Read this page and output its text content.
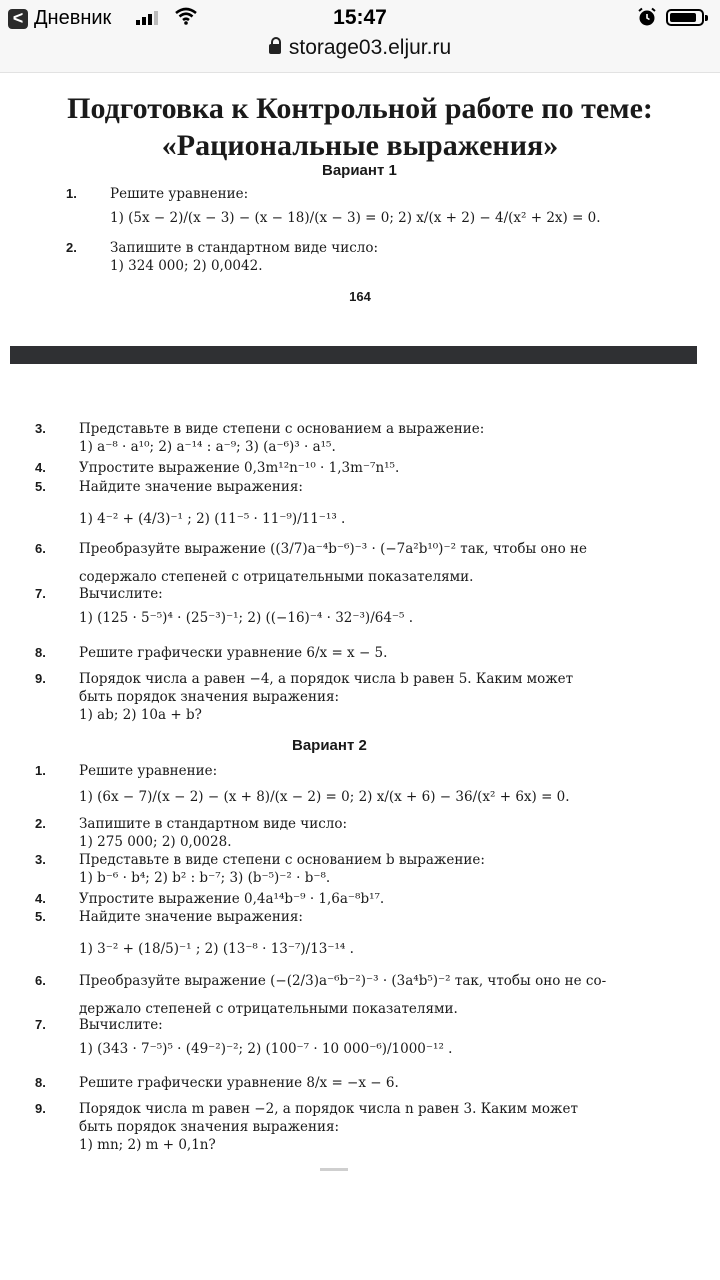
< Дневник	15:47
storage03.eljur.ru
Подготовка к Контрольной работе по теме:
«Рациональные выражения»
Вариант 1
1. Решите уравнение:
1) (5x − 2)/(x − 3) − (x − 18)/(x − 3) = 0; 2) x/(x + 2) − 4/(x² + 2x) = 0.
2. Запишите в стандартном виде число:
1) 324 000; 2) 0,0042.
164
3. Представьте в виде степени с основанием a выражение:
1) a⁻⁸ · a¹⁰; 2) a⁻¹⁴ : a⁻⁹; 3) (a⁻⁶)³ · a¹⁵.
4. Упростите выражение 0,3m¹²n⁻¹⁰ · 1,3m⁻⁷n¹⁵.
5. Найдите значение выражения:
1) 4⁻² + (4/3)⁻¹ ; 2) (11⁻⁵ · 11⁻⁹)/11⁻¹³ .
6. Преобразуйте выражение ((3/7)a⁻⁴b⁻⁶)⁻³ · (−7a²b¹⁰)⁻² так, чтобы оно не
содержало степеней с отрицательными показателями.
7. Вычислите:
1) (125 · 5⁻⁵)⁴ · (25⁻³)⁻¹; 2) ((−16)⁻⁴ · 32⁻³)/64⁻⁵ .
8. Решите графически уравнение 6/x = x − 5.
9. Порядок числа a равен −4, а порядок числа b равен 5. Каким может
быть порядок значения выражения:
1) ab; 2) 10a + b?
Вариант 2
1. Решите уравнение:
1) (6x − 7)/(x − 2) − (x + 8)/(x − 2) = 0; 2) x/(x + 6) − 36/(x² + 6x) = 0.
2. Запишите в стандартном виде число:
1) 275 000; 2) 0,0028.
3. Представьте в виде степени с основанием b выражение:
1) b⁻⁶ · b⁴; 2) b² : b⁻⁷; 3) (b⁻⁵)⁻² · b⁻⁸.
4. Упростите выражение 0,4a¹⁴b⁻⁹ · 1,6a⁻⁸b¹⁷.
5. Найдите значение выражения:
1) 3⁻² + (18/5)⁻¹ ; 2) (13⁻⁸ · 13⁻⁷)/13⁻¹⁴ .
6. Преобразуйте выражение (−(2/3)a⁻⁶b⁻²)⁻³ · (3a⁴b⁵)⁻² так, чтобы оно не со-
держало степеней с отрицательными показателями.
7. Вычислите:
1) (343 · 7⁻⁵)⁵ · (49⁻²)⁻²; 2) (100⁻⁷ · 10 000⁻⁶)/1000⁻¹² .
8. Решите графически уравнение 8/x = −x − 6.
9. Порядок числа m равен −2, а порядок числа n равен 3. Каким может
быть порядок значения выражения:
1) mn; 2) m + 0,1n?
